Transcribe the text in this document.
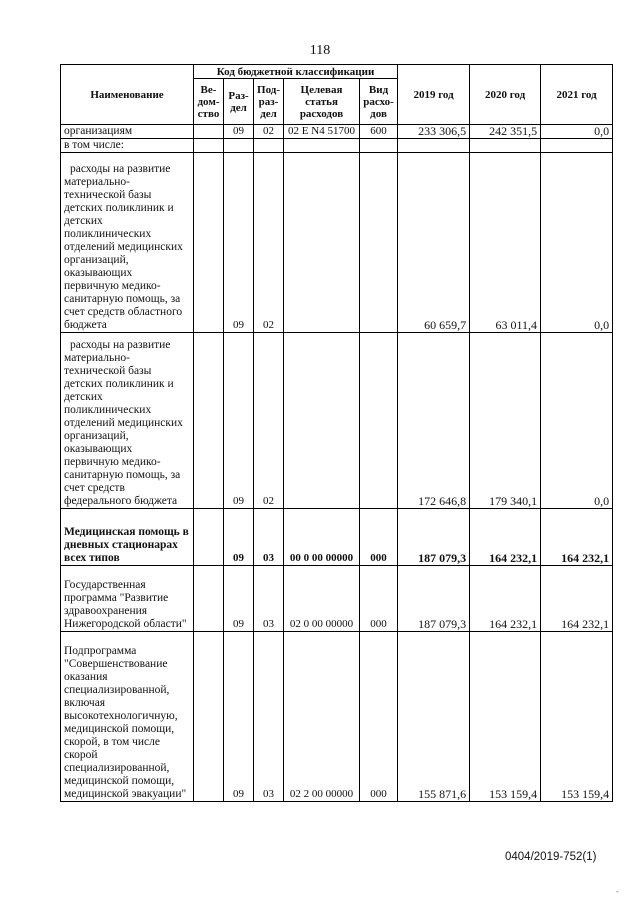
118
Наименование	Код бюджетной классификации					2019 год	2020 год	2021 год
	Ве-дом-ство	Раз-дел	Под-раз-дел	Целевая статья расходов	Вид расхо-дов			
организациям		09	02	02 Е N4 51700	600	233 306,5	242 351,5	0,0
в том числе:								
расходы на развитие материально-технической базы детских поликлиник и детских поликлинических отделений медицинских организаций, оказывающих первичную медико-санитарную помощь, за счет средств областного бюджета		09	02			60 659,7	63 011,4	0,0
расходы на развитие материально-технической базы детских поликлиник и детских поликлинических отделений медицинских организаций, оказывающих первичную медико-санитарную помощь, за счет средств федерального бюджета		09	02			172 646,8	179 340,1	0,0
Медицинская помощь в дневных стационарах всех типов		09	03	00 0 00 00000	000	187 079,3	164 232,1	164 232,1
Государственная программа "Развитие здравоохранения Нижегородской области"		09	03	02 0 00 00000	000	187 079,3	164 232,1	164 232,1
Подпрограмма "Совершенствование оказания специализированной, включая высокотехнологичную, медицинской помощи, скорой, в том числе скорой специализированной, медицинской помощи, медицинской эвакуации"		09	03	02 2 00 00000	000	155 871,6	153 159,4	153 159,4
0404/2019-752(1)
-
